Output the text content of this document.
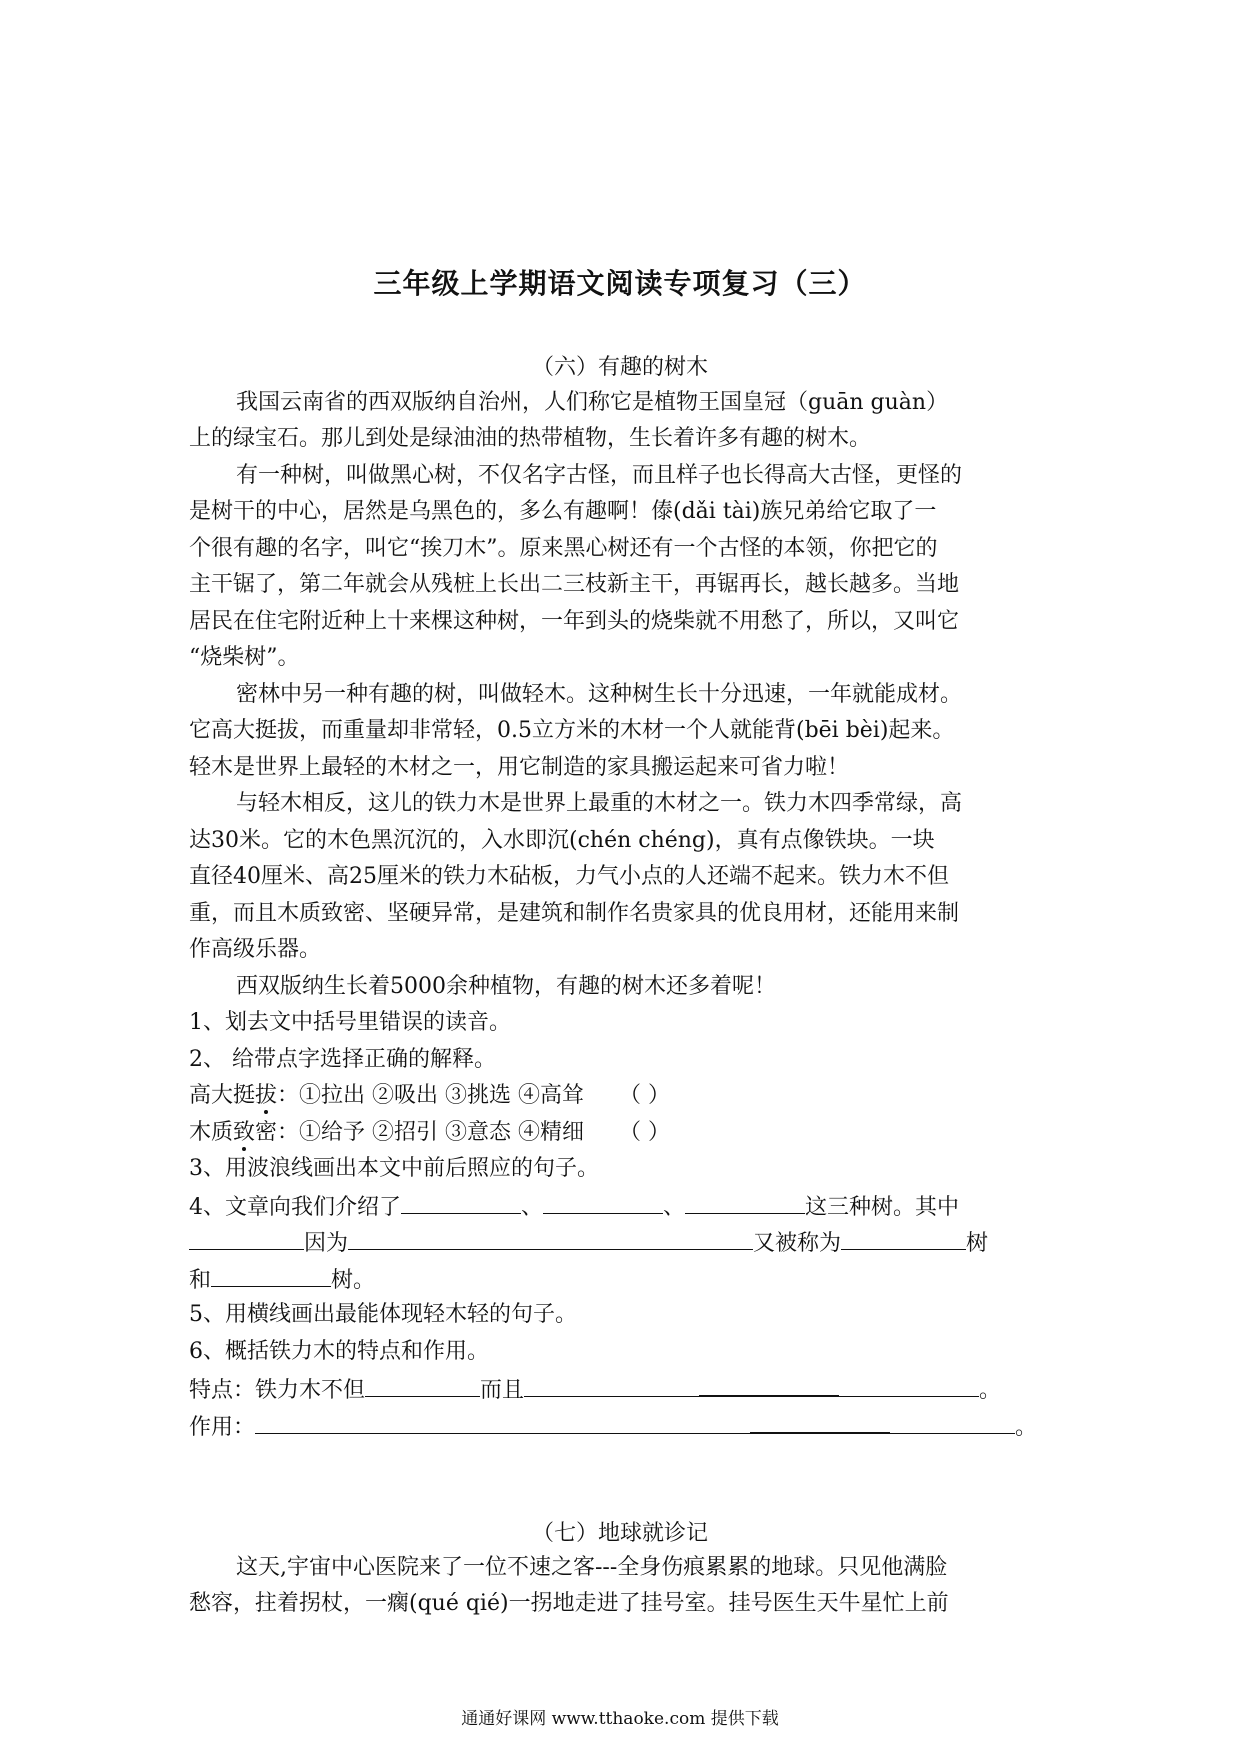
三年级上学期语文阅读专项复习（三）
（六）有趣的树木
我国云南省的西双版纳自治州，人们称它是植物王国皇冠（guān guàn）
上的绿宝石。那儿到处是绿油油的热带植物，生长着许多有趣的树木。
有一种树，叫做黑心树，不仅名字古怪，而且样子也长得高大古怪，更怪的
是树干的中心，居然是乌黑色的，多么有趣啊！傣(dǎi tài)族兄弟给它取了一
个很有趣的名字，叫它“挨刀木”。原来黑心树还有一个古怪的本领，你把它的
主干锯了，第二年就会从残桩上长出二三枝新主干，再锯再长，越长越多。当地
居民在住宅附近种上十来棵这种树，一年到头的烧柴就不用愁了，所以，又叫它
“烧柴树”。
密林中另一种有趣的树，叫做轻木。这种树生长十分迅速，一年就能成材。
它高大挺拔，而重量却非常轻，0.5立方米的木材一个人就能背(bēi bèi)起来。
轻木是世界上最轻的木材之一，用它制造的家具搬运起来可省力啦！
与轻木相反，这儿的铁力木是世界上最重的木材之一。铁力木四季常绿，高
达30米。它的木色黑沉沉的，入水即沉(chén chéng)，真有点像铁块。一块
直径40厘米、高25厘米的铁力木砧板，力气小点的人还端不起来。铁力木不但
重，而且木质致密、坚硬异常，是建筑和制作名贵家具的优良用材，还能用来制
作高级乐器。
西双版纳生长着5000余种植物，有趣的树木还多着呢！
1、划去文中括号里错误的读音。
2、 给带点字选择正确的解释。
高大挺拔：①拉出 ②吸出 ③挑选 ④高耸 （ ）
木质致密：①给予 ②招引 ③意态 ④精细 （ ）
3、用波浪线画出本文中前后照应的句子。
4、文章向我们介绍了	、	、	这三种树。其中
因为	又被称为	树
和	树。
5、用横线画出最能体现轻木轻的句子。
6、概括铁力木的特点和作用。
特点：铁力木不但	而且	。
作用：	。
（七）地球就诊记
这天,宇宙中心医院来了一位不速之客---全身伤痕累累的地球。只见他满脸
愁容，拄着拐杖，一瘸(qué qié)一拐地走进了挂号室。挂号医生天牛星忙上前
通通好课网 www.tthaoke.com 提供下载
